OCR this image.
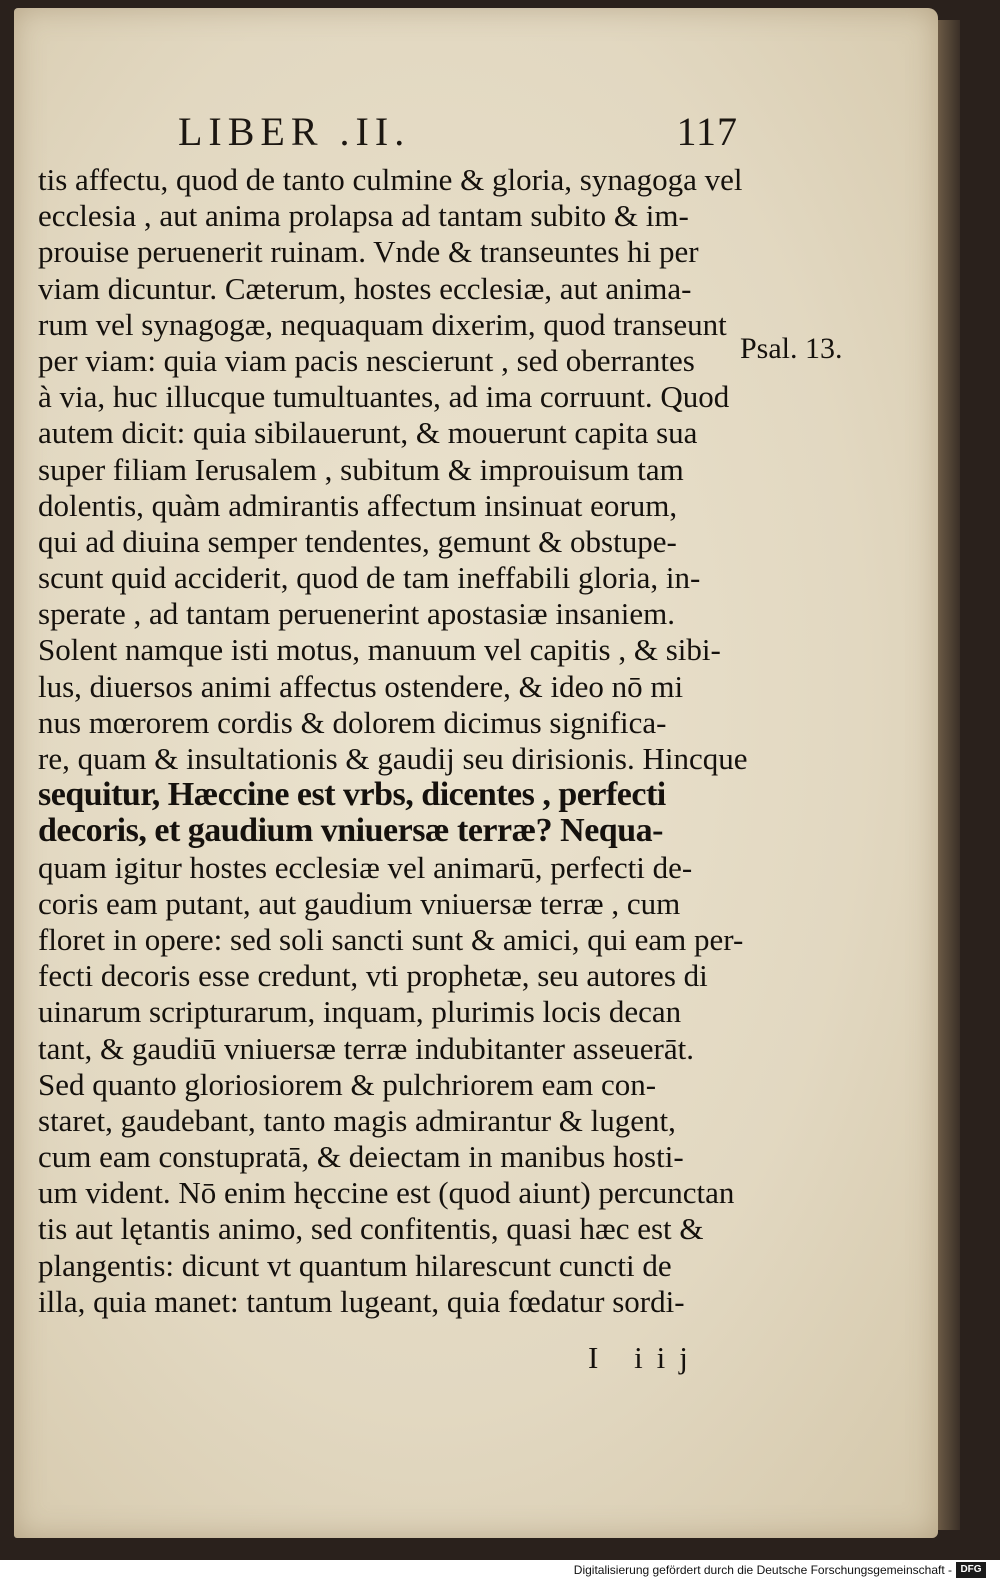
LIBER .II.	117
tis affectu, quod de tanto culmine & gloria, synagoga vel
ecclesia , aut anima prolapsa ad tantam subito & im-
prouise peruenerit ruinam. Vnde & transeuntes hi per
viam dicuntur. Cæterum, hostes ecclesiæ, aut anima-
rum vel synagogæ, nequaquam dixerim, quod transeunt
per viam: quia viam pacis nescierunt , sed oberrantes
à via, huc illucque tumultuantes, ad ima corruunt. Quod
autem dicit: quia sibilauerunt, & mouerunt capita sua
super filiam Ierusalem , subitum & improuisum tam
dolentis, quàm admirantis affectum insinuat eorum,
qui ad diuina semper tendentes, gemunt & obstupe-
scunt quid acciderit, quod de tam ineffabili gloria, in-
sperate , ad tantam peruenerint apostasiæ insaniem.
Solent namque isti motus, manuum vel capitis , & sibi-
lus, diuersos animi affectus ostendere, & ideo nō mi
nus mœrorem cordis & dolorem dicimus significa-
re, quam & insultationis & gaudij seu dirisionis. Hincque
sequitur, Hæccine est vrbs, dicentes , perfecti
decoris, et gaudium vniuersæ terræ? Nequa-
quam igitur hostes ecclesiæ vel animarū, perfecti de-
coris eam putant, aut gaudium vniuersæ terræ , cum
floret in opere: sed soli sancti sunt & amici, qui eam per-
fecti decoris esse credunt, vti prophetæ, seu autores di
uinarum scripturarum, inquam, plurimis locis decan
tant, & gaudiū vniuersæ terræ indubitanter asseuerāt.
Sed quanto gloriosiorem & pulchriorem eam con-
staret, gaudebant, tanto magis admirantur & lugent,
cum eam constupratā, & deiectam in manibus hosti-
um vident. Nō enim hęccine est (quod aiunt) percunctan
tis aut lętantis animo, sed confitentis, quasi hæc est &
plangentis: dicunt vt quantum hilarescunt cuncti de
illa, quia manet: tantum lugeant, quia fœdatur sordi-
Psal. 13.
I iij
Digitalisierung gefördert durch die Deutsche Forschungsgemeinschaft - DFG
